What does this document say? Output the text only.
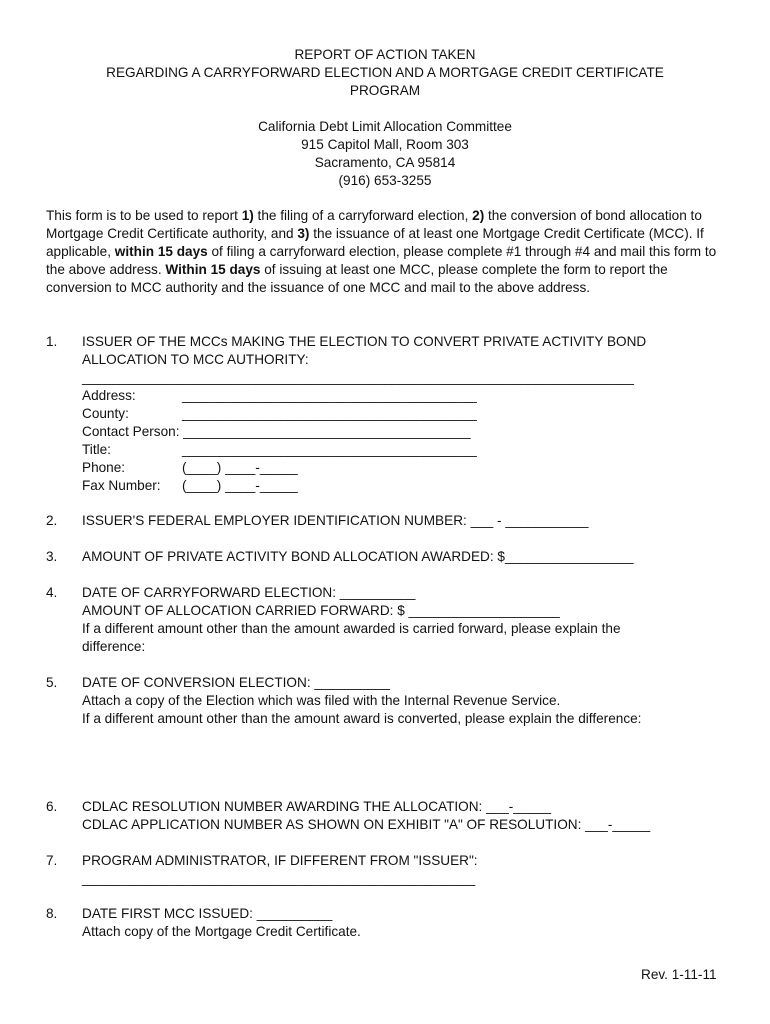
REPORT OF ACTION TAKEN
REGARDING A CARRYFORWARD ELECTION AND A MORTGAGE CREDIT CERTIFICATE
PROGRAM
California Debt Limit Allocation Committee
915 Capitol Mall, Room 303
Sacramento, CA 95814
(916) 653-3255
This form is to be used to report 1) the filing of a carryforward election, 2) the conversion of bond allocation to Mortgage Credit Certificate authority, and 3) the issuance of at least one Mortgage Credit Certificate (MCC). If applicable, within 15 days of filing a carryforward election, please complete #1 through #4 and mail this form to the above address. Within 15 days of issuing at least one MCC, please complete the form to report the conversion to MCC authority and the issuance of one MCC and mail to the above address.
1. ISSUER OF THE MCCs MAKING THE ELECTION TO CONVERT PRIVATE ACTIVITY BOND
ALLOCATION TO MCC AUTHORITY:
_________________________________________________________________________
Address:	_______________________________________
County:	_______________________________________
Contact Person: ______________________________________
Title:	_______________________________________
Phone:	(____) ____-_____
Fax Number: (____) ____-_____
2. ISSUER'S FEDERAL EMPLOYER IDENTIFICATION NUMBER: ___ - ___________
3. AMOUNT OF PRIVATE ACTIVITY BOND ALLOCATION AWARDED: $_________________
4. DATE OF CARRYFORWARD ELECTION: __________
AMOUNT OF ALLOCATION CARRIED FORWARD: $ ____________________
If a different amount other than the amount awarded is carried forward, please explain the
difference:
5. DATE OF CONVERSION ELECTION: __________
Attach a copy of the Election which was filed with the Internal Revenue Service.
If a different amount other than the amount award is converted, please explain the difference:
6. CDLAC RESOLUTION NUMBER AWARDING THE ALLOCATION: ___-_____
CDLAC APPLICATION NUMBER AS SHOWN ON EXHIBIT "A" OF RESOLUTION: ___-_____
7. PROGRAM ADMINISTRATOR, IF DIFFERENT FROM "ISSUER":
____________________________________________________
8. DATE FIRST MCC ISSUED: __________
Attach copy of the Mortgage Credit Certificate.
Rev. 1-11-11
